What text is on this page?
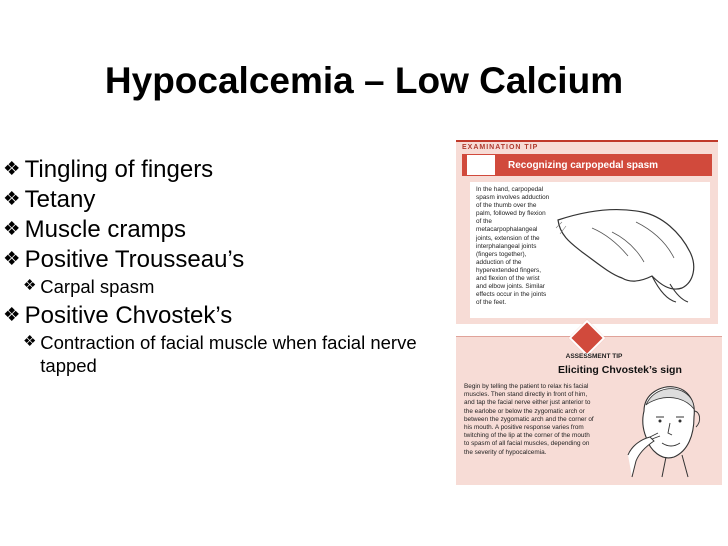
Hypocalcemia – Low Calcium
❖ Tingling of fingers
❖ Tetany
❖ Muscle cramps
❖ Positive Trousseau’s
❖ Carpal spasm
❖ Positive Chvostek’s
❖ Contraction of facial muscle when facial nerve tapped
EXAMINATION TIP
Recognizing carpopedal spasm
In the hand, carpopedal spasm involves adduction of the thumb over the palm, followed by flexion of the metacarpophalangeal joints, extension of the interphalangeal joints (fingers together), adduction of the hyperextended fingers, and flexion of the wrist and elbow joints. Similar effects occur in the joints of the feet.
ASSESSMENT TIP
Eliciting Chvostek’s sign
Begin by telling the patient to relax his facial muscles. Then stand directly in front of him, and tap the facial nerve either just anterior to the earlobe or below the zygomatic arch or between the zygomatic arch and the corner of his mouth. A positive response varies from twitching of the lip at the corner of the mouth to spasm of all facial muscles, depending on the severity of hypocalcemia.
